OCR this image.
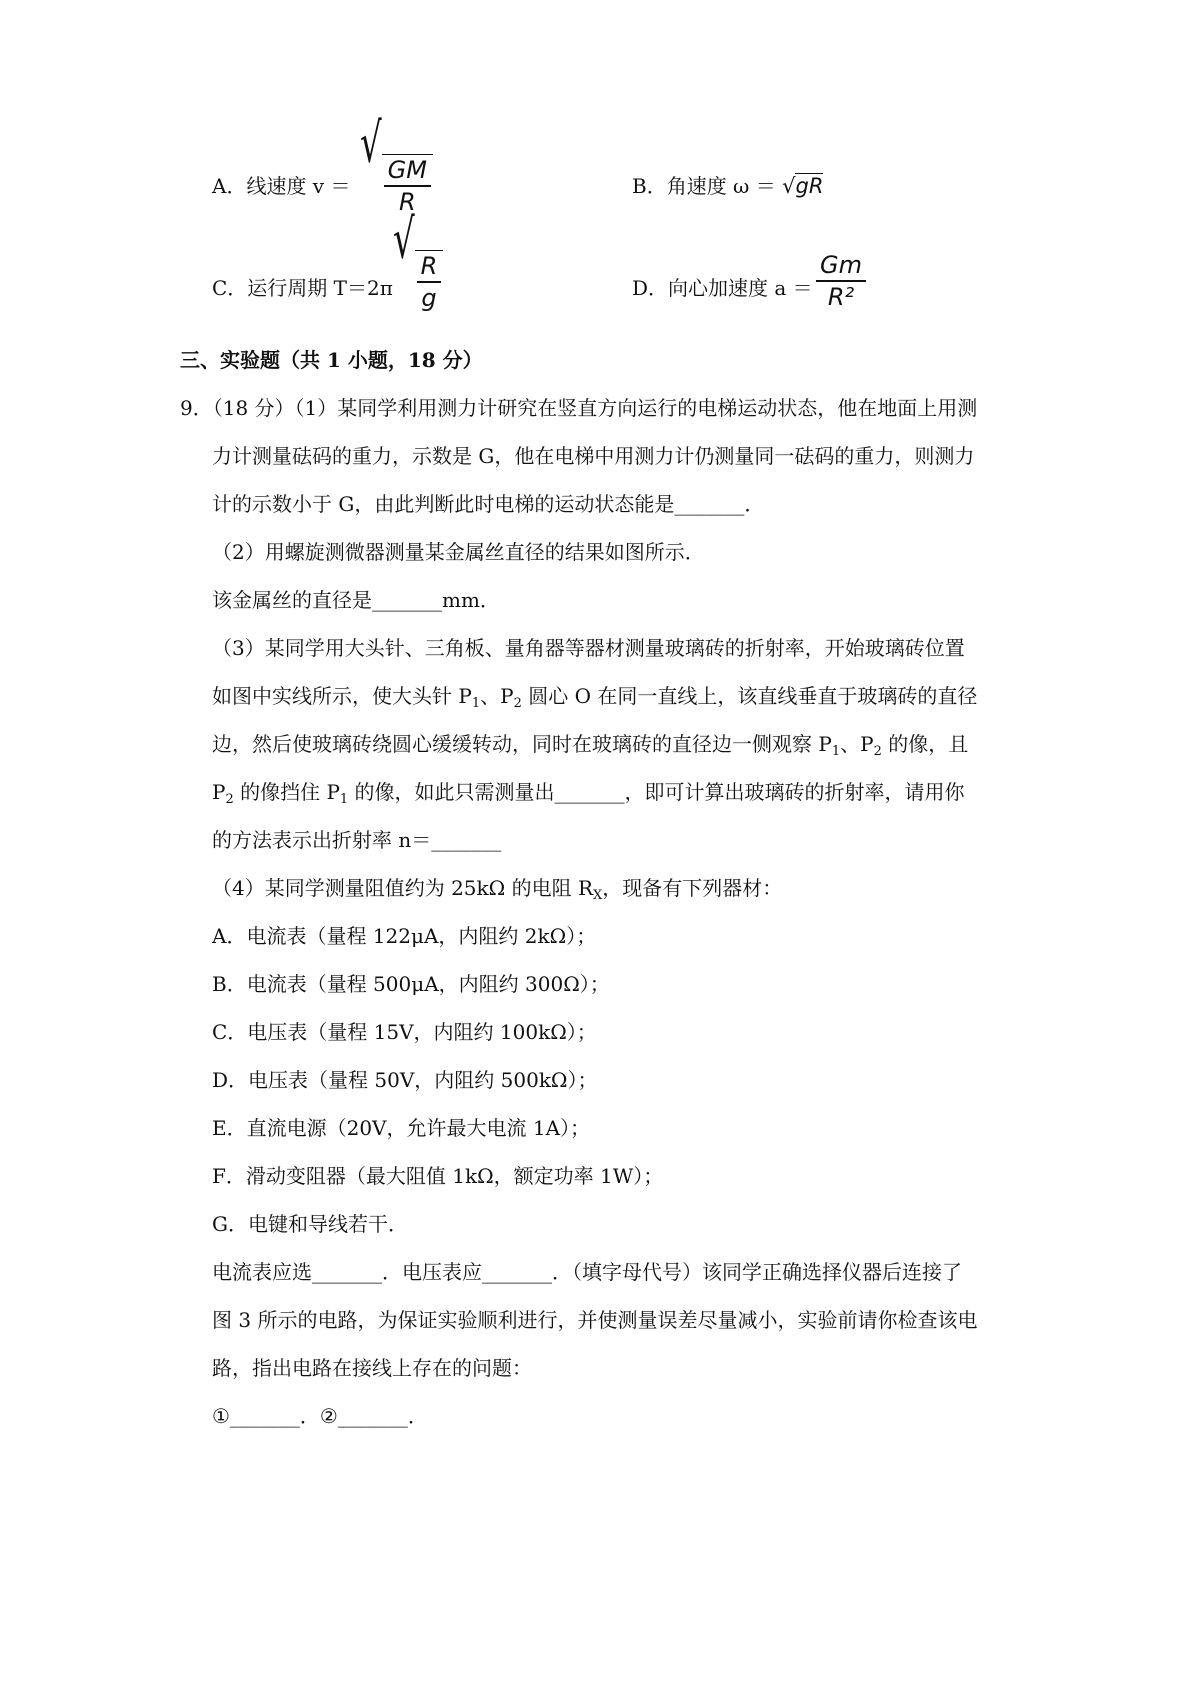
A．线速度 v ＝
√
$\frac{GM}{R}$	B．角速度 ω ＝ √gR
C．运行周期 T＝2π
√
$\frac{R}{g}$	D．向心加速度 $a = \frac{Gm}{\text{R²}}$
三、实验题（共 1 小题，18 分）
9．（18 分）（1）某同学利用测力计研究在竖直方向运行的电梯运动状态，他在地面上用测
力计测量砝码的重力，示数是 G，他在电梯中用测力计仍测量同一砝码的重力，则测力
计的示数小于 G，由此判断此时电梯的运动状态能是_______．
（2）用螺旋测微器测量某金属丝直径的结果如图所示．
该金属丝的直径是_______mm．
（3）某同学用大头针、三角板、量角器等器材测量玻璃砖的折射率，开始玻璃砖位置
如图中实线所示，使大头针 $P_1$、$P_2$ 圆心 O 在同一直线上，该直线垂直于玻璃砖的直径
边，然后使玻璃砖绕圆心缓缓转动，同时在玻璃砖的直径边一侧观察 $P_1$、$P_2$ 的像，且
$P_2$ 的像挡住 $P_1$ 的像，如此只需测量出_______，即可计算出玻璃砖的折射率，请用你
的方法表示出折射率 n＝_______
（4）某同学测量阻值约为 25kΩ 的电阻 $R_X$，现备有下列器材：
A．电流表（量程 122μA，内阻约 2kΩ）；
B．电流表（量程 500μA，内阻约 300Ω）；
C．电压表（量程 15V，内阻约 100kΩ）；
D．电压表（量程 50V，内阻约 500kΩ）；
E．直流电源（20V，允许最大电流 1A）；
F．滑动变阻器（最大阻值 1kΩ，额定功率 1W）；
G．电键和导线若干．
电流表应选_______．电压表应_______．（填字母代号）该同学正确选择仪器后连接了
图 3 所示的电路，为保证实验顺利进行，并使测量误差尽量减小，实验前请你检查该电
路，指出电路在接线上存在的问题：
①_______．②_______．
